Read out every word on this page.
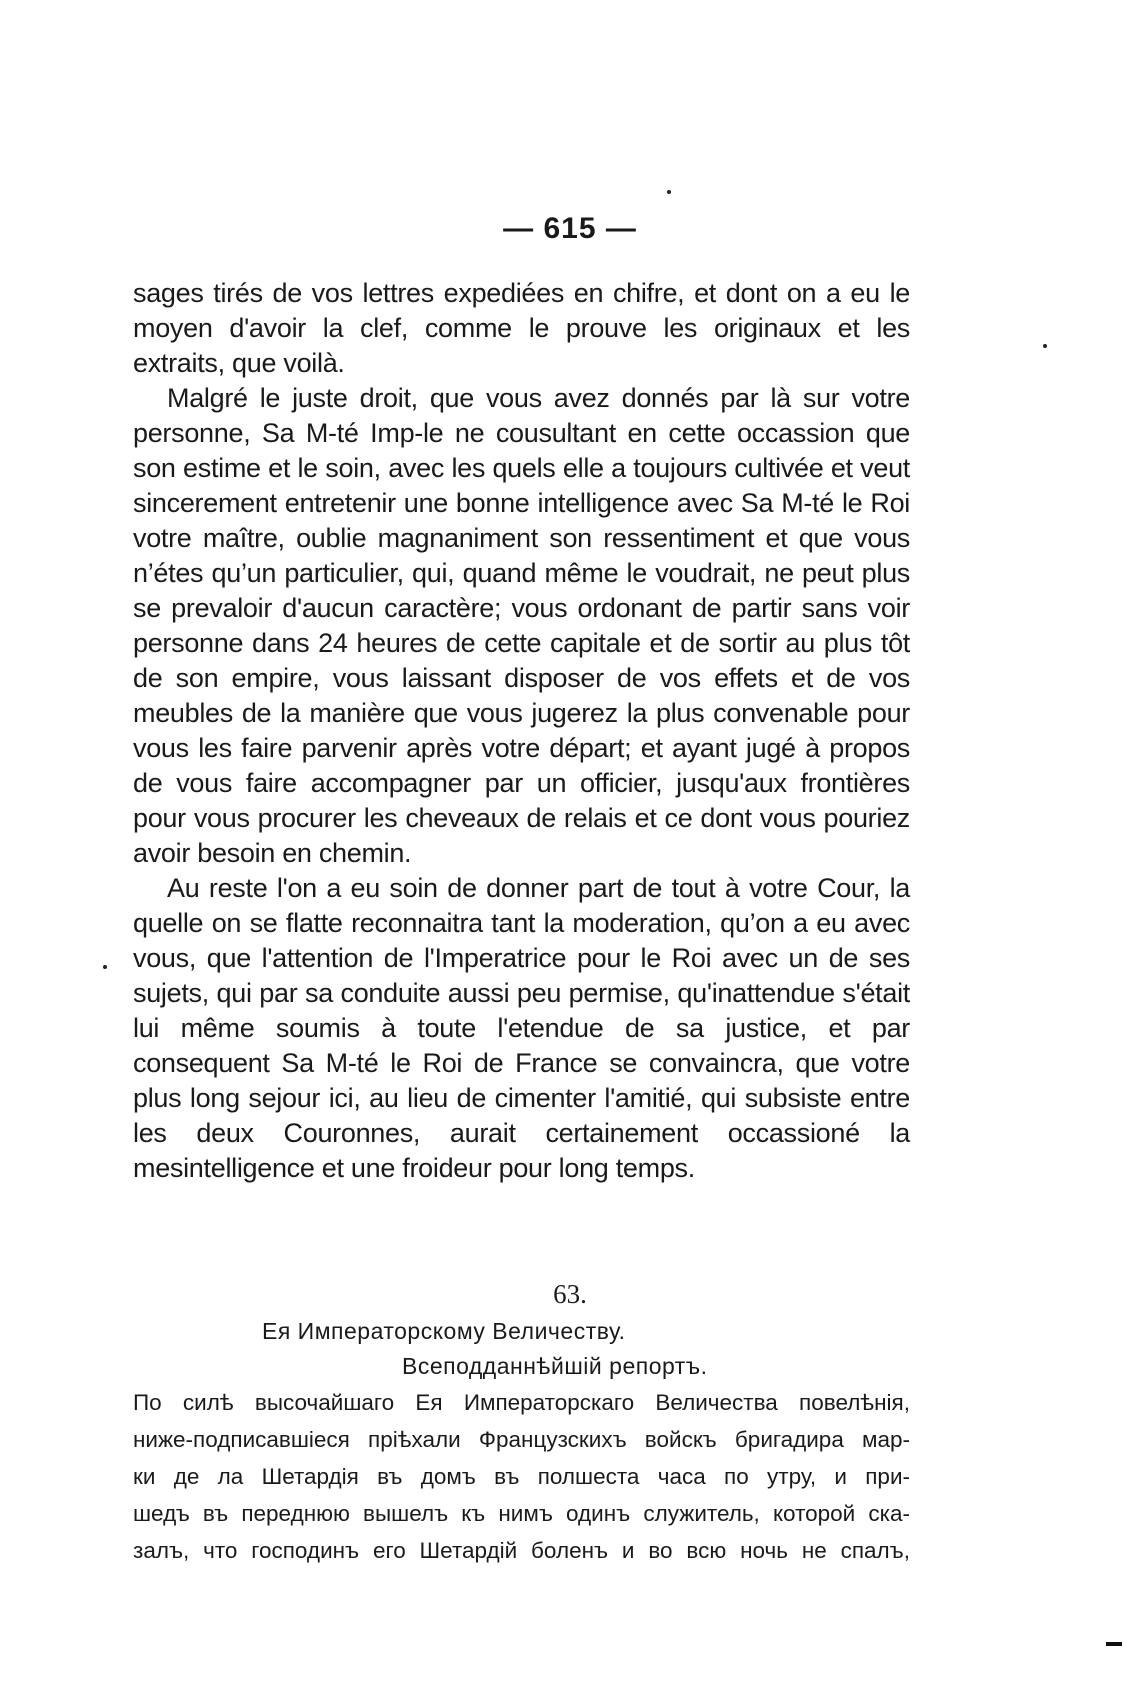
— 615 —

sages tirés de vos lettres expediées en chifre, et dont on a eu le moyen d'avoir la clef, comme le prouve les originaux et les extraits, que voilà.

Malgré le juste droit, que vous avez donnés par là sur votre personne, Sa M-té Imp-le ne cousultant en cette occassion que son estime et le soin, avec les quels elle a toujours cultivée et veut sincerement entretenir une bonne intelligence avec Sa M-té le Roi votre maître, oublie magnaniment son ressentiment et que vous n’étes qu’un particulier, qui, quand même le voudrait, ne peut plus se prevaloir d'aucun caractère; vous ordonant de partir sans voir personne dans 24 heures de cette capitale et de sortir au plus tôt de son empire, vous laissant disposer de vos effets et de vos meubles de la manière que vous jugerez la plus convenable pour vous les faire parvenir après votre départ; et ayant jugé à propos de vous faire accompagner par un officier, jusqu'aux frontières pour vous procurer les cheveaux de relais et ce dont vous pouriez avoir besoin en chemin.

Au reste l'on a eu soin de donner part de tout à votre Cour, la quelle on se flatte reconnaitra tant la moderation, qu’on a eu avec vous, que l'attention de l'Imperatrice pour le Roi avec un de ses sujets, qui par sa conduite aussi peu permise, qu'inattendue s'était lui même soumis à toute l'etendue de sa justice, et par consequent Sa M-té le Roi de France se convaincra, que votre plus long sejour ici, au lieu de cimenter l'amitié, qui subsiste entre les deux Couronnes, aurait certainement occassioné la mesintelligence et une froideur pour long temps.

63.
Ея Императорскому Величеству.
Всеподданнѣйшій репортъ.
По силѣ высочайшаго Ея Императорскаго Величества повелѣнія,
ниже-подписавшіеся пріѣхали Французскихъ войскъ бригадира мар-
ки де ла Шетардія въ домъ въ полшеста часа по утру, и при-
шедъ въ переднюю вышелъ къ нимъ одинъ служитель, которой ска-
залъ, что господинъ его Шетардій боленъ и во всю ночь не спалъ,
